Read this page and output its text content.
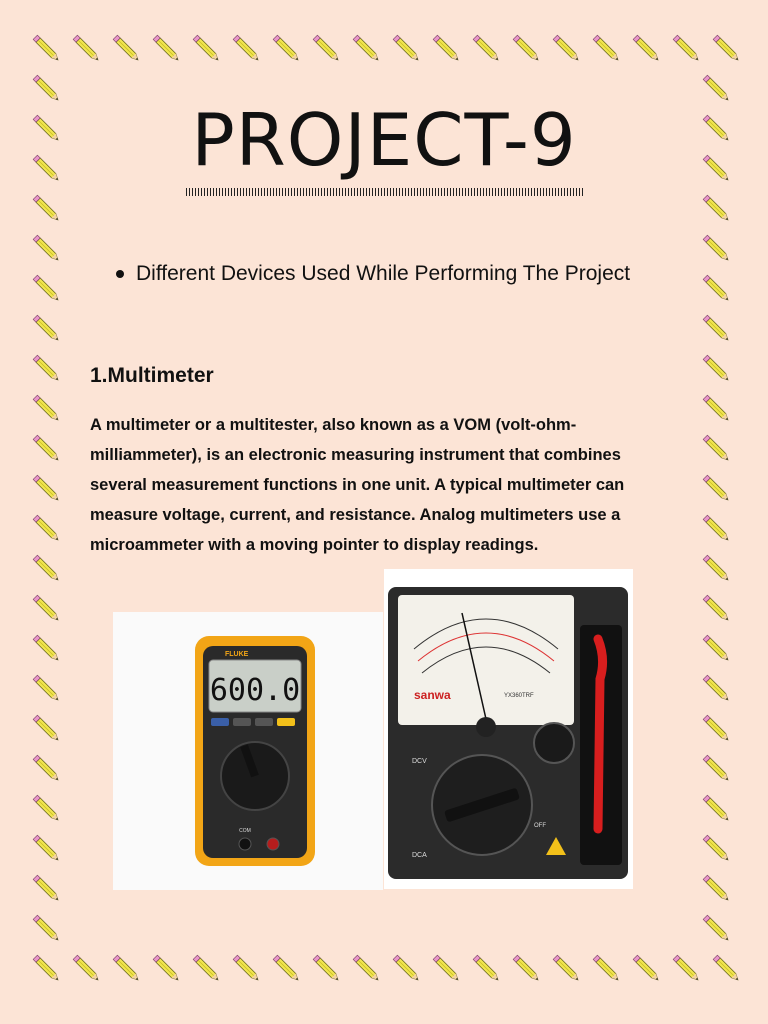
PROJECT-9
Different Devices Used While Performing The Project
1.Multimeter
A multimeter or a multitester, also known as a VOM (volt-ohm-milliammeter), is an electronic measuring instrument that combines several measurement functions in one unit. A typical multimeter can measure voltage, current, and resistance. Analog multimeters use a microammeter with a moving pointer to display readings.
600.0
FLUKE
COM
sanwa	YX360TRF
DCV
DCA
OFF
